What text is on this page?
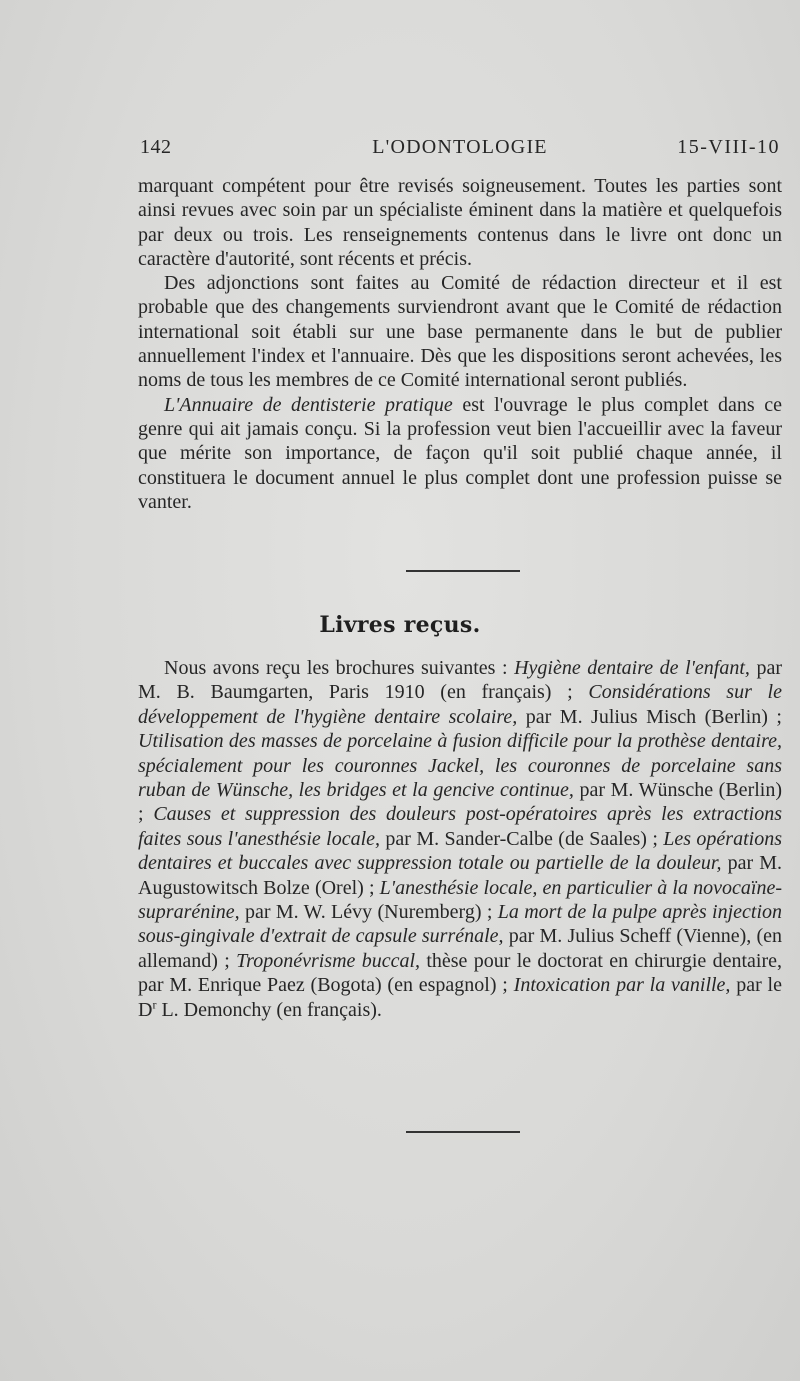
142	L'ODONTOLOGIE	15-VIII-10

marquant compétent pour être revisés soigneusement. Toutes les parties sont ainsi revues avec soin par un spécialiste éminent dans la matière et quelquefois par deux ou trois. Les renseignements contenus dans le livre ont donc un caractère d'autorité, sont récents et précis.

Des adjonctions sont faites au Comité de rédaction directeur et il est probable que des changements surviendront avant que le Comité de rédaction international soit établi sur une base permanente dans le but de publier annuellement l'index et l'annuaire. Dès que les dispositions seront achevées, les noms de tous les membres de ce Comité international seront publiés.

L'Annuaire de dentisterie pratique est l'ouvrage le plus complet dans ce genre qui ait jamais conçu. Si la profession veut bien l'accueillir avec la faveur que mérite son importance, de façon qu'il soit publié chaque année, il constituera le document annuel le plus complet dont une profession puisse se vanter.

Livres reçus.

Nous avons reçu les brochures suivantes : Hygiène dentaire de l'enfant, par M. B. Baumgarten, Paris 1910 (en français) ; Considérations sur le développement de l'hygiène dentaire scolaire, par M. Julius Misch (Berlin) ; Utilisation des masses de porcelaine à fusion difficile pour la prothèse dentaire, spécialement pour les couronnes Jackel, les couronnes de porcelaine sans ruban de Wünsche, les bridges et la gencive continue, par M. Wünsche (Berlin) ; Causes et suppression des douleurs post-opératoires après les extractions faites sous l'anesthésie locale, par M. Sander-Calbe (de Saales) ; Les opérations dentaires et buccales avec suppression totale ou partielle de la douleur, par M. Augustowitsch Bolze (Orel) ; L'anesthésie locale, en particulier à la novocaïne-suprarénine, par M. W. Lévy (Nuremberg) ; La mort de la pulpe après injection sous-gingivale d'extrait de capsule surrénale, par M. Julius Scheff (Vienne), (en allemand) ; Troponévrisme buccal, thèse pour le doctorat en chirurgie dentaire, par M. Enrique Paez (Bogota) (en espagnol) ; Intoxication par la vanille, par le $D^r$ L. Demonchy (en français).
